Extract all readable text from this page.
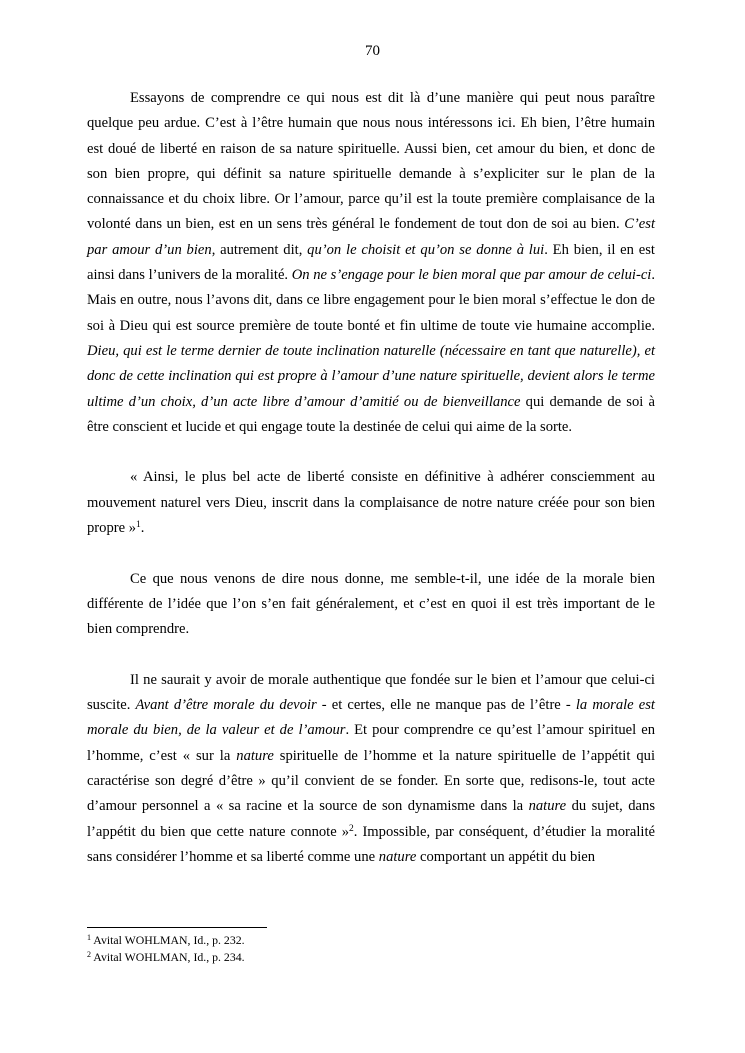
70

Essayons de comprendre ce qui nous est dit là d’une manière qui peut nous paraître quelque peu ardue. C’est à l’être humain que nous nous intéressons ici. Eh bien, l’être humain est doué de liberté en raison de sa nature spirituelle. Aussi bien, cet amour du bien, et donc de son bien propre, qui définit sa nature spirituelle demande à s’expliciter sur le plan de la connaissance et du choix libre. Or l’amour, parce qu’il est la toute première complaisance de la volonté dans un bien, est en un sens très général le fondement de tout don de soi au bien. C’est par amour d’un bien, autrement dit, qu’on le choisit et qu’on se donne à lui. Eh bien, il en est ainsi dans l’univers de la moralité. On ne s’engage pour le bien moral que par amour de celui-ci. Mais en outre, nous l’avons dit, dans ce libre engagement pour le bien moral s’effectue le don de soi à Dieu qui est source première de toute bonté et fin ultime de toute vie humaine accomplie. Dieu, qui est le terme dernier de toute inclination naturelle (nécessaire en tant que naturelle), et donc de cette inclination qui est propre à l’amour d’une nature spirituelle, devient alors le terme ultime d’un choix, d’un acte libre d’amour d’amitié ou de bienveillance qui demande de soi à être conscient et lucide et qui engage toute la destinée de celui qui aime de la sorte.

« Ainsi, le plus bel acte de liberté consiste en définitive à adhérer consciemment au mouvement naturel vers Dieu, inscrit dans la complaisance de notre nature créée pour son bien propre »$^1$.

Ce que nous venons de dire nous donne, me semble-t-il, une idée de la morale bien différente de l’idée que l’on s’en fait généralement, et c’est en quoi il est très important de le bien comprendre.

Il ne saurait y avoir de morale authentique que fondée sur le bien et l’amour que celui-ci suscite. Avant d’être morale du devoir - et certes, elle ne manque pas de l’être - la morale est morale du bien, de la valeur et de l’amour. Et pour comprendre ce qu’est l’amour spirituel en l’homme, c’est « sur la nature spirituelle de l’homme et la nature spirituelle de l’appétit qui caractérise son degré d’être » qu’il convient de se fonder. En sorte que, redisons-le, tout acte d’amour personnel a « sa racine et la source de son dynamisme dans la nature du sujet, dans l’appétit du bien que cette nature connote »$^2$. Impossible, par conséquent, d’étudier la moralité sans considérer l’homme et sa liberté comme une nature comportant un appétit du bien

$^1$ Avital WOHLMAN, Id., p. 232.
$^2$ Avital WOHLMAN, Id., p. 234.
